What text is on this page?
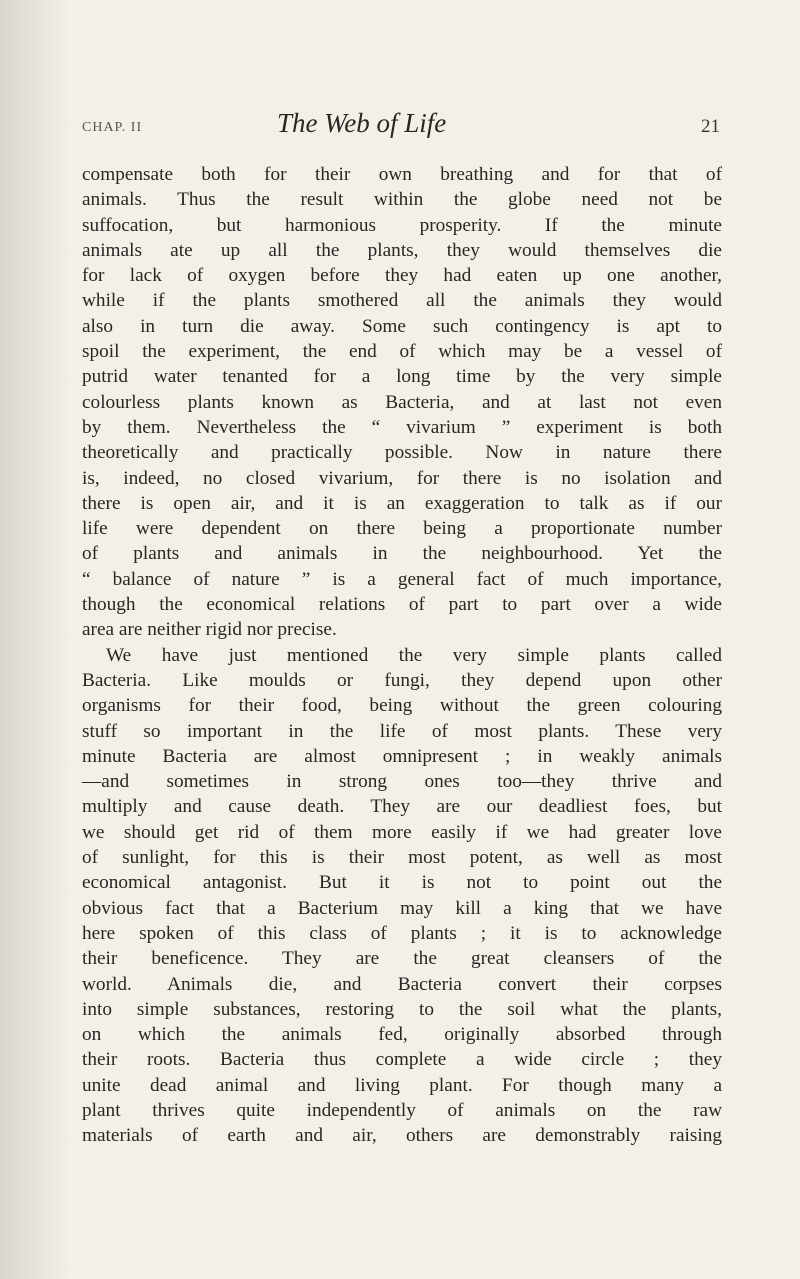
CHAP. II	The Web of Life	21
compensate both for their own breathing and for that of
animals. Thus the result within the globe need not be
suffocation, but harmonious prosperity. If the minute
animals ate up all the plants, they would themselves die
for lack of oxygen before they had eaten up one another,
while if the plants smothered all the animals they would
also in turn die away. Some such contingency is apt to
spoil the experiment, the end of which may be a vessel of
putrid water tenanted for a long time by the very simple
colourless plants known as Bacteria, and at last not even
by them. Nevertheless the “ vivarium ” experiment is both
theoretically and practically possible. Now in nature there
is, indeed, no closed vivarium, for there is no isolation and
there is open air, and it is an exaggeration to talk as if our
life were dependent on there being a proportionate number
of plants and animals in the neighbourhood. Yet the
“ balance of nature ” is a general fact of much importance,
though the economical relations of part to part over a wide
area are neither rigid nor precise.
We have just mentioned the very simple plants called
Bacteria. Like moulds or fungi, they depend upon other
organisms for their food, being without the green colouring
stuff so important in the life of most plants. These very
minute Bacteria are almost omnipresent ; in weakly animals
—and sometimes in strong ones too—they thrive and
multiply and cause death. They are our deadliest foes, but
we should get rid of them more easily if we had greater love
of sunlight, for this is their most potent, as well as most
economical antagonist. But it is not to point out the
obvious fact that a Bacterium may kill a king that we have
here spoken of this class of plants ; it is to acknowledge
their beneficence. They are the great cleansers of the
world. Animals die, and Bacteria convert their corpses
into simple substances, restoring to the soil what the plants,
on which the animals fed, originally absorbed through
their roots. Bacteria thus complete a wide circle ; they
unite dead animal and living plant. For though many a
plant thrives quite independently of animals on the raw
materials of earth and air, others are demonstrably raising
